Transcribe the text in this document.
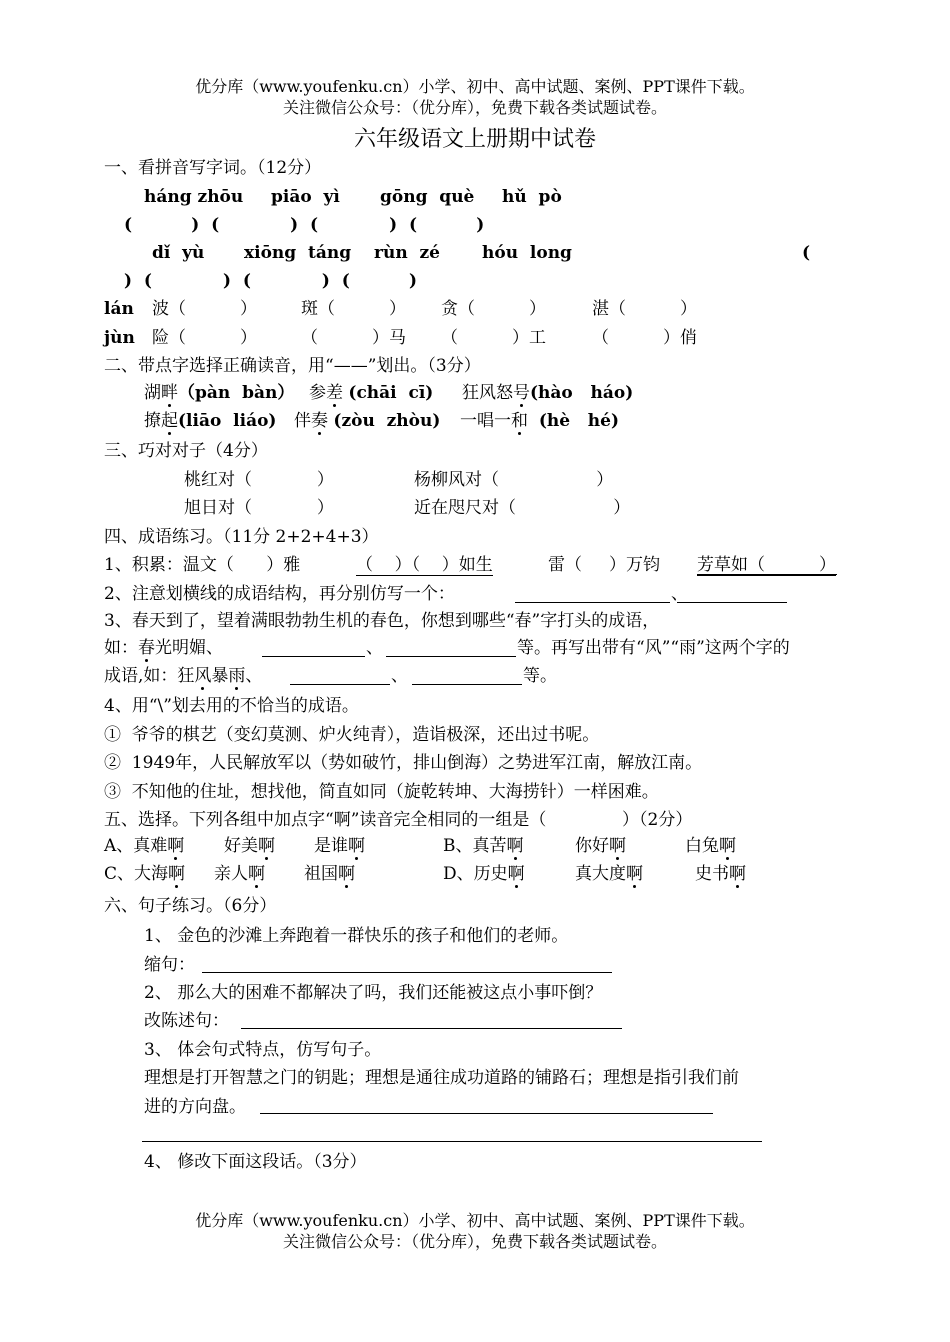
优分库（www.youfenku.cn）小学、初中、高中试题、案例、PPT课件下载。
关注微信公众号：（优分库），免费下载各类试题试卷。
六年级语文上册期中试卷
一、看拼音写字词。（12分）
háng zhōu piāo  yì gōng  què hǔ  pò
(          )  (            )  (            )  (          )
dǐ  yù xiōng  táng rùn  zé hóu  long	(
)  (            )  (            )  (          )
lán 波（          ）	斑（          ） 贪（          ）	湛（          ）
jùn 险（          ）	（          ）马 （          ）工	（          ）俏
二、带点字选择正确读音，用“——”划出。（3分）
湖畔（pàn  bàn） 参差 (chāi  cī) 狂风怒号(hào   háo)
撩起(liāo  liáo) 伴奏 (zòu  zhòu) 一唱一和 (hè   hé)
三、巧对对子（4分）
桃红对（            ）	杨柳风对（                  ）
旭日对（            ）	近在咫尺对（                  ）
四、成语练习。（11分 2+2+4+3）
1、积累：温文（      ）雅	（    ）（    ）如生	雷（     ）万钧 芳草如（          ）
2、注意划横线的成语结构，再分别仿写一个：	、
3、春天到了，望着满眼勃勃生机的春色，你想到哪些“春”字打头的成语，
如：春光明媚、	、	等。再写出带有“风”“雨”这两个字的
成语,如：狂风暴雨、	、	等。
4、用“\”划去用的不恰当的成语。
①  爷爷的棋艺（变幻莫测、炉火纯青），造诣极深，还出过书呢。
②  1949年，人民解放军以（势如破竹，排山倒海）之势进军江南，解放江南。
③  不知他的住址，想找他，简直如同（旋乾转坤、大海捞针）一样困难。
五、选择。下列各组中加点字“啊”读音完全相同的一组是（              ）（2分）
A、真难啊 好美啊 是谁啊	B、真苦啊	你好啊	白兔啊
C、大海啊 亲人啊 祖国啊	D、历史啊	真大度啊	史书啊
六、句子练习。（6分）
1、 金色的沙滩上奔跑着一群快乐的孩子和他们的老师。
缩句：
2、 那么大的困难不都解决了吗，我们还能被这点小事吓倒？
改陈述句：
3、 体会句式特点，仿写句子。
理想是打开智慧之门的钥匙；理想是通往成功道路的铺路石；理想是指引我们前
进的方向盘。
4、 修改下面这段话。（3分）
优分库（www.youfenku.cn）小学、初中、高中试题、案例、PPT课件下载。
关注微信公众号：（优分库），免费下载各类试题试卷。
